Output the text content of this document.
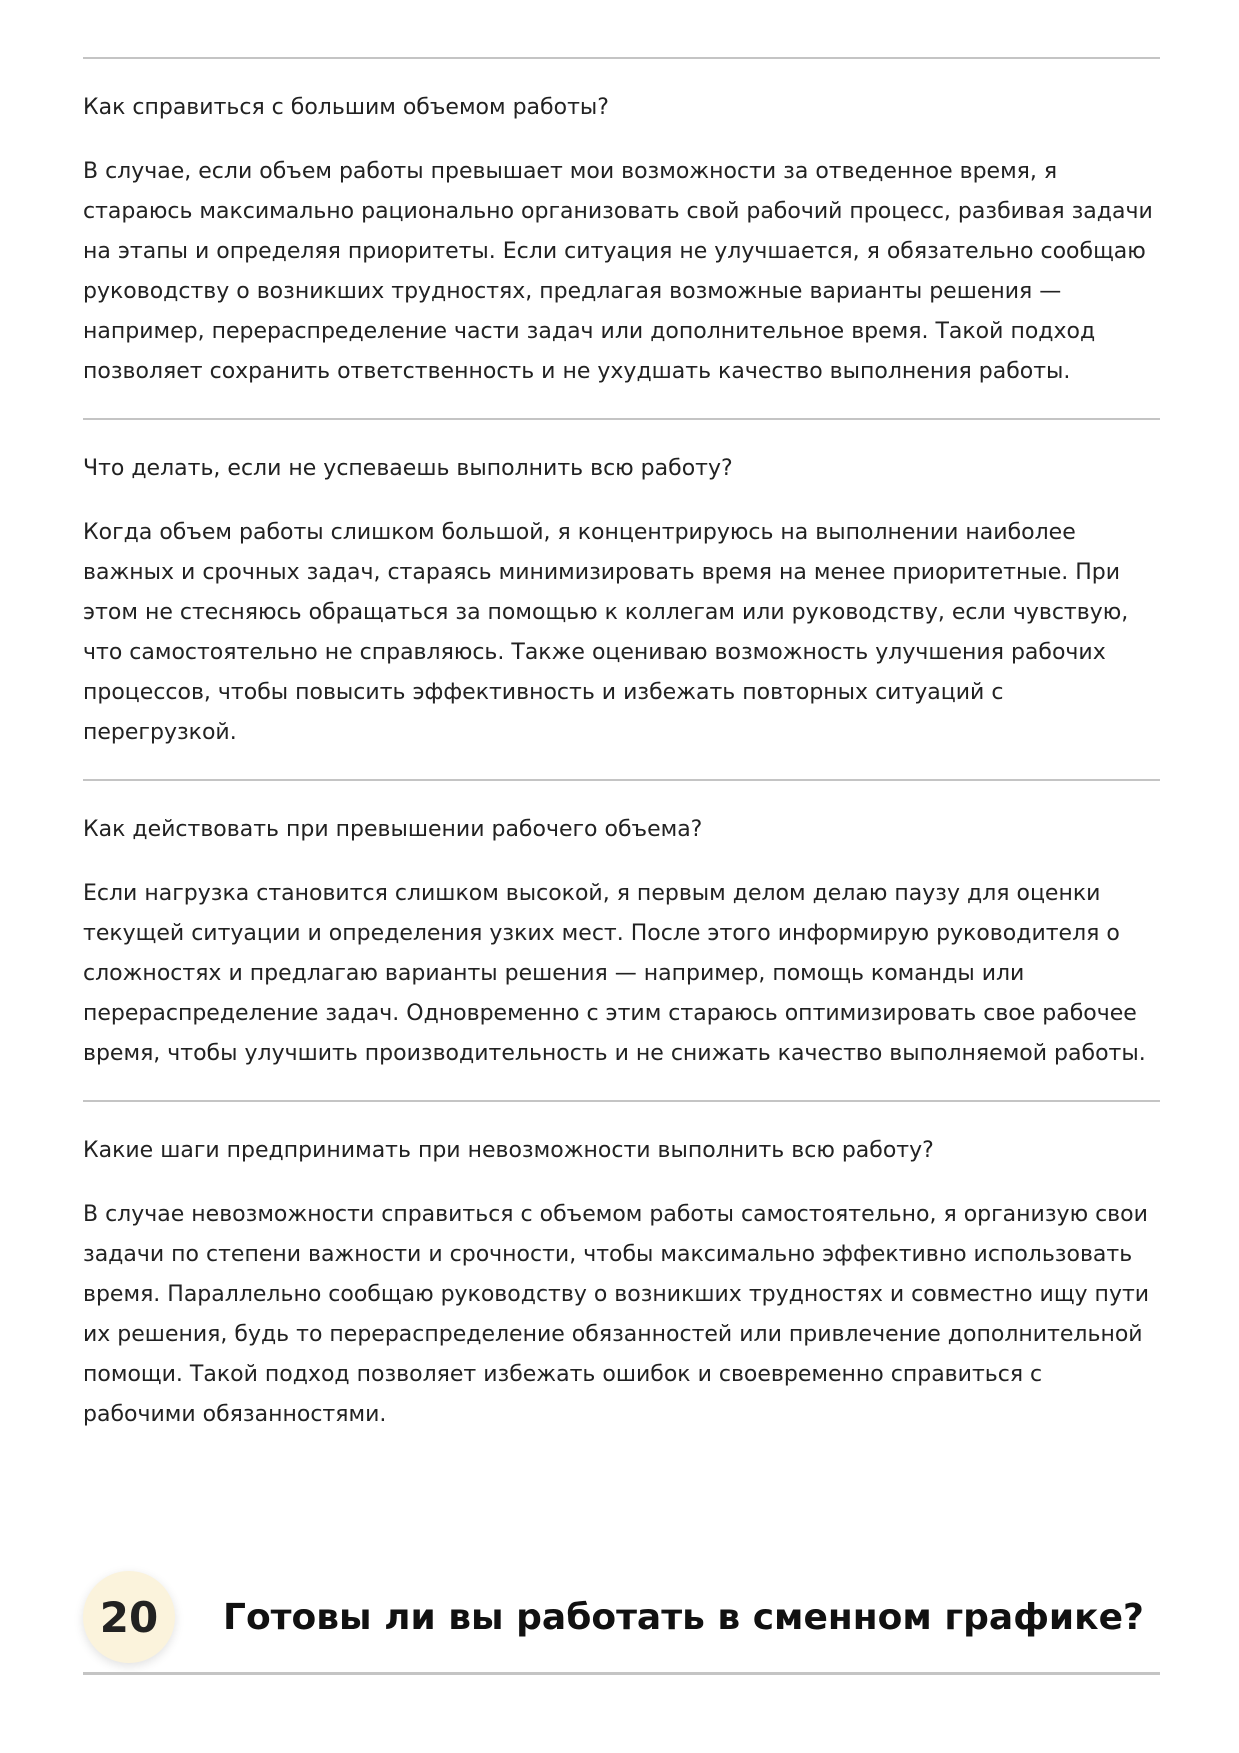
Как справиться с большим объемом работы?

В случае, если объем работы превышает мои возможности за отведенное время, я стараюсь максимально рационально организовать свой рабочий процесс, разбивая задачи на этапы и определяя приоритеты. Если ситуация не улучшается, я обязательно сообщаю руководству о возникших трудностях, предлагая возможные варианты решения — например, перераспределение части задач или дополнительное время. Такой подход позволяет сохранить ответственность и не ухудшать качество выполнения работы.

Что делать, если не успеваешь выполнить всю работу?

Когда объем работы слишком большой, я концентрируюсь на выполнении наиболее важных и срочных задач, стараясь минимизировать время на менее приоритетные. При этом не стесняюсь обращаться за помощью к коллегам или руководству, если чувствую, что самостоятельно не справляюсь. Также оцениваю возможность улучшения рабочих процессов, чтобы повысить эффективность и избежать повторных ситуаций с перегрузкой.

Как действовать при превышении рабочего объема?

Если нагрузка становится слишком высокой, я первым делом делаю паузу для оценки текущей ситуации и определения узких мест. После этого информирую руководителя о сложностях и предлагаю варианты решения — например, помощь команды или перераспределение задач. Одновременно с этим стараюсь оптимизировать свое рабочее время, чтобы улучшить производительность и не снижать качество выполняемой работы.

Какие шаги предпринимать при невозможности выполнить всю работу?

В случае невозможности справиться с объемом работы самостоятельно, я организую свои задачи по степени важности и срочности, чтобы максимально эффективно использовать время. Параллельно сообщаю руководству о возникших трудностях и совместно ищу пути их решения, будь то перераспределение обязанностей или привлечение дополнительной помощи. Такой подход позволяет избежать ошибок и своевременно справиться с рабочими обязанностями.

20	Готовы ли вы работать в сменном графике?
